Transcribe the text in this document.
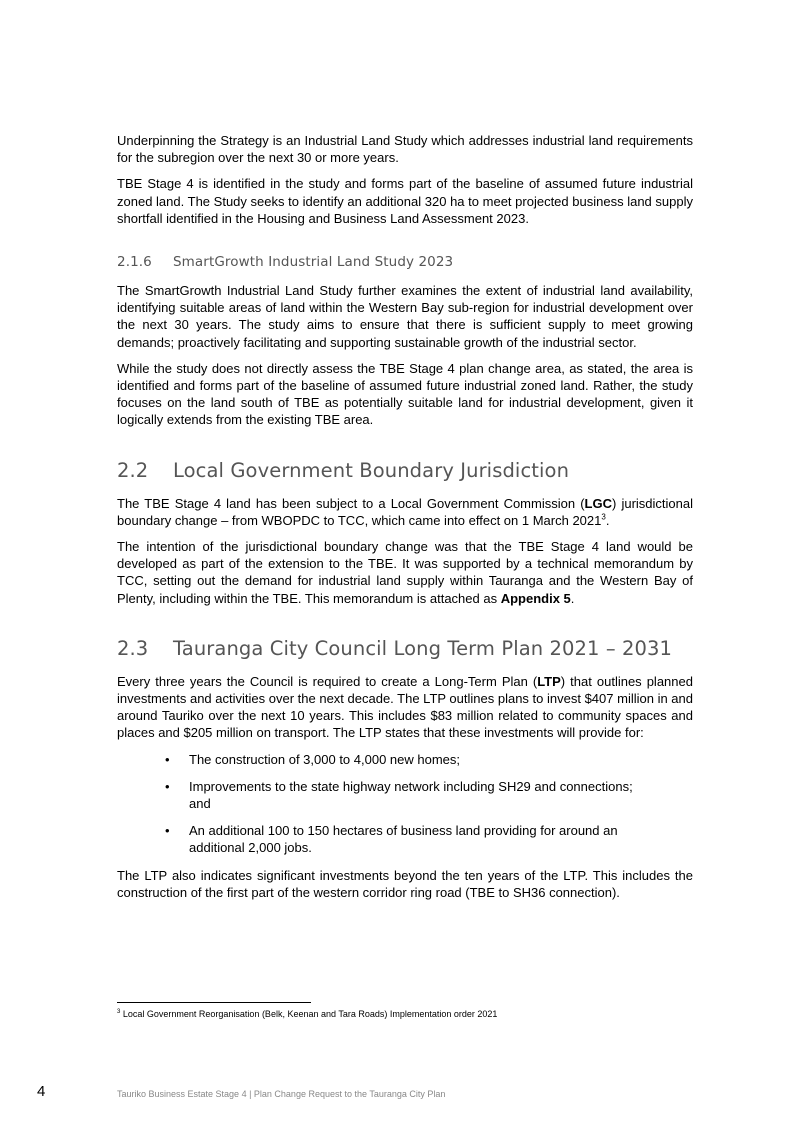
Underpinning the Strategy is an Industrial Land Study which addresses industrial land requirements for the subregion over the next 30 or more years.

TBE Stage 4 is identified in the study and forms part of the baseline of assumed future industrial zoned land. The Study seeks to identify an additional 320 ha to meet projected business land supply shortfall identified in the Housing and Business Land Assessment 2023.

2.1.6 SmartGrowth Industrial Land Study 2023

The SmartGrowth Industrial Land Study further examines the extent of industrial land availability, identifying suitable areas of land within the Western Bay sub-region for industrial development over the next 30 years. The study aims to ensure that there is sufficient supply to meet growing demands; proactively facilitating and supporting sustainable growth of the industrial sector.

While the study does not directly assess the TBE Stage 4 plan change area, as stated, the area is identified and forms part of the baseline of assumed future industrial zoned land. Rather, the study focuses on the land south of TBE as potentially suitable land for industrial development, given it logically extends from the existing TBE area.

2.2 Local Government Boundary Jurisdiction

The TBE Stage 4 land has been subject to a Local Government Commission (LGC) jurisdictional boundary change – from WBOPDC to TCC, which came into effect on 1 March 2021$^3$.

The intention of the jurisdictional boundary change was that the TBE Stage 4 land would be developed as part of the extension to the TBE. It was supported by a technical memorandum by TCC, setting out the demand for industrial land supply within Tauranga and the Western Bay of Plenty, including within the TBE. This memorandum is attached as Appendix 5.

2.3 Tauranga City Council Long Term Plan 2021 – 2031

Every three years the Council is required to create a Long-Term Plan (LTP) that outlines planned investments and activities over the next decade. The LTP outlines plans to invest $407 million in and around Tauriko over the next 10 years. This includes $83 million related to community spaces and places and $205 million on transport. The LTP states that these investments will provide for:

• The construction of 3,000 to 4,000 new homes;
• Improvements to the state highway network including SH29 and connections; and
• An additional 100 to 150 hectares of business land providing for around an additional 2,000 jobs.

The LTP also indicates significant investments beyond the ten years of the LTP. This includes the construction of the first part of the western corridor ring road (TBE to SH36 connection).

$^3$ Local Government Reorganisation (Belk, Keenan and Tara Roads) Implementation order 2021
4	Tauriko Business Estate Stage 4 | Plan Change Request to the Tauranga City Plan
